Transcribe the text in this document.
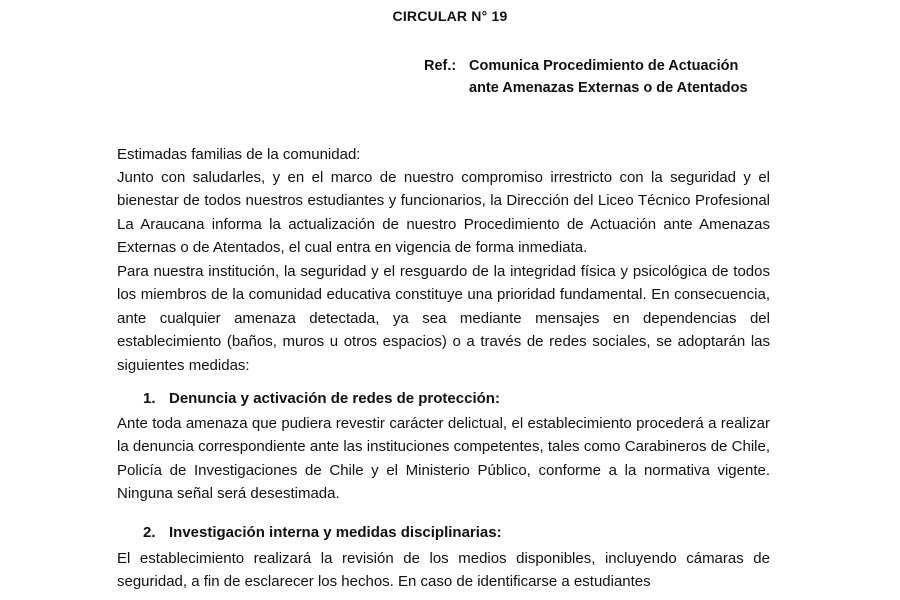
CIRCULAR N° 19
Ref.: Comunica Procedimiento de Actuación
ante Amenazas Externas o de Atentados
Estimadas familias de la comunidad:

Junto con saludarles, y en el marco de nuestro compromiso irrestricto con la seguridad y el bienestar de todos nuestros estudiantes y funcionarios, la Dirección del Liceo Técnico Profesional La Araucana informa la actualización de nuestro Procedimiento de Actuación ante Amenazas Externas o de Atentados, el cual entra en vigencia de forma inmediata.

Para nuestra institución, la seguridad y el resguardo de la integridad física y psicológica de todos los miembros de la comunidad educativa constituye una prioridad fundamental. En consecuencia, ante cualquier amenaza detectada, ya sea mediante mensajes en dependencias del establecimiento (baños, muros u otros espacios) o a través de redes sociales, se adoptarán las siguientes medidas:

1. Denuncia y activación de redes de protección:

Ante toda amenaza que pudiera revestir carácter delictual, el establecimiento procederá a realizar la denuncia correspondiente ante las instituciones competentes, tales como Carabineros de Chile, Policía de Investigaciones de Chile y el Ministerio Público, conforme a la normativa vigente. Ninguna señal será desestimada.

2. Investigación interna y medidas disciplinarias:

El establecimiento realizará la revisión de los medios disponibles, incluyendo cámaras de seguridad, a fin de esclarecer los hechos. En caso de identificarse a estudiantes
